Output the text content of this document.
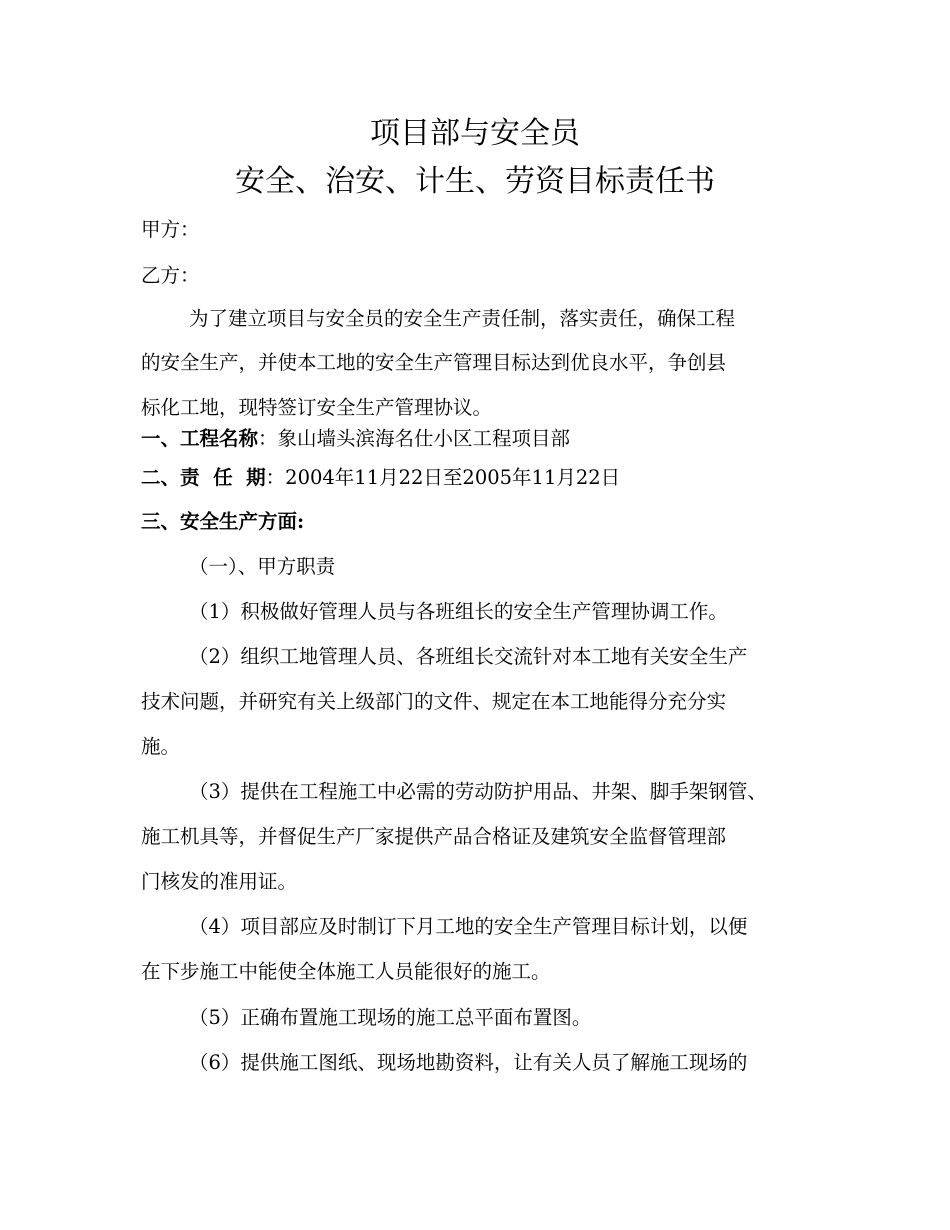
项目部与安全员
安全、治安、计生、劳资目标责任书
甲方：
乙方：
为了建立项目与安全员的安全生产责任制，落实责任，确保工程
的安全生产，并使本工地的安全生产管理目标达到优良水平，争创县
标化工地，现特签订安全生产管理协议。
一、工程名称：象山墙头滨海名仕小区工程项目部
二、责  任  期：2004年11月22日至2005年11月22日
三、安全生产方面:
（一）、甲方职责
（1）积极做好管理人员与各班组长的安全生产管理协调工作。
（2）组织工地管理人员、各班组长交流针对本工地有关安全生产
技术问题，并研究有关上级部门的文件、规定在本工地能得分充分实
施。
（3）提供在工程施工中必需的劳动防护用品、井架、脚手架钢管、
施工机具等，并督促生产厂家提供产品合格证及建筑安全监督管理部
门核发的准用证。
（4）项目部应及时制订下月工地的安全生产管理目标计划，以便
在下步施工中能使全体施工人员能很好的施工。
（5）正确布置施工现场的施工总平面布置图。
（6）提供施工图纸、现场地勘资料，让有关人员了解施工现场的
